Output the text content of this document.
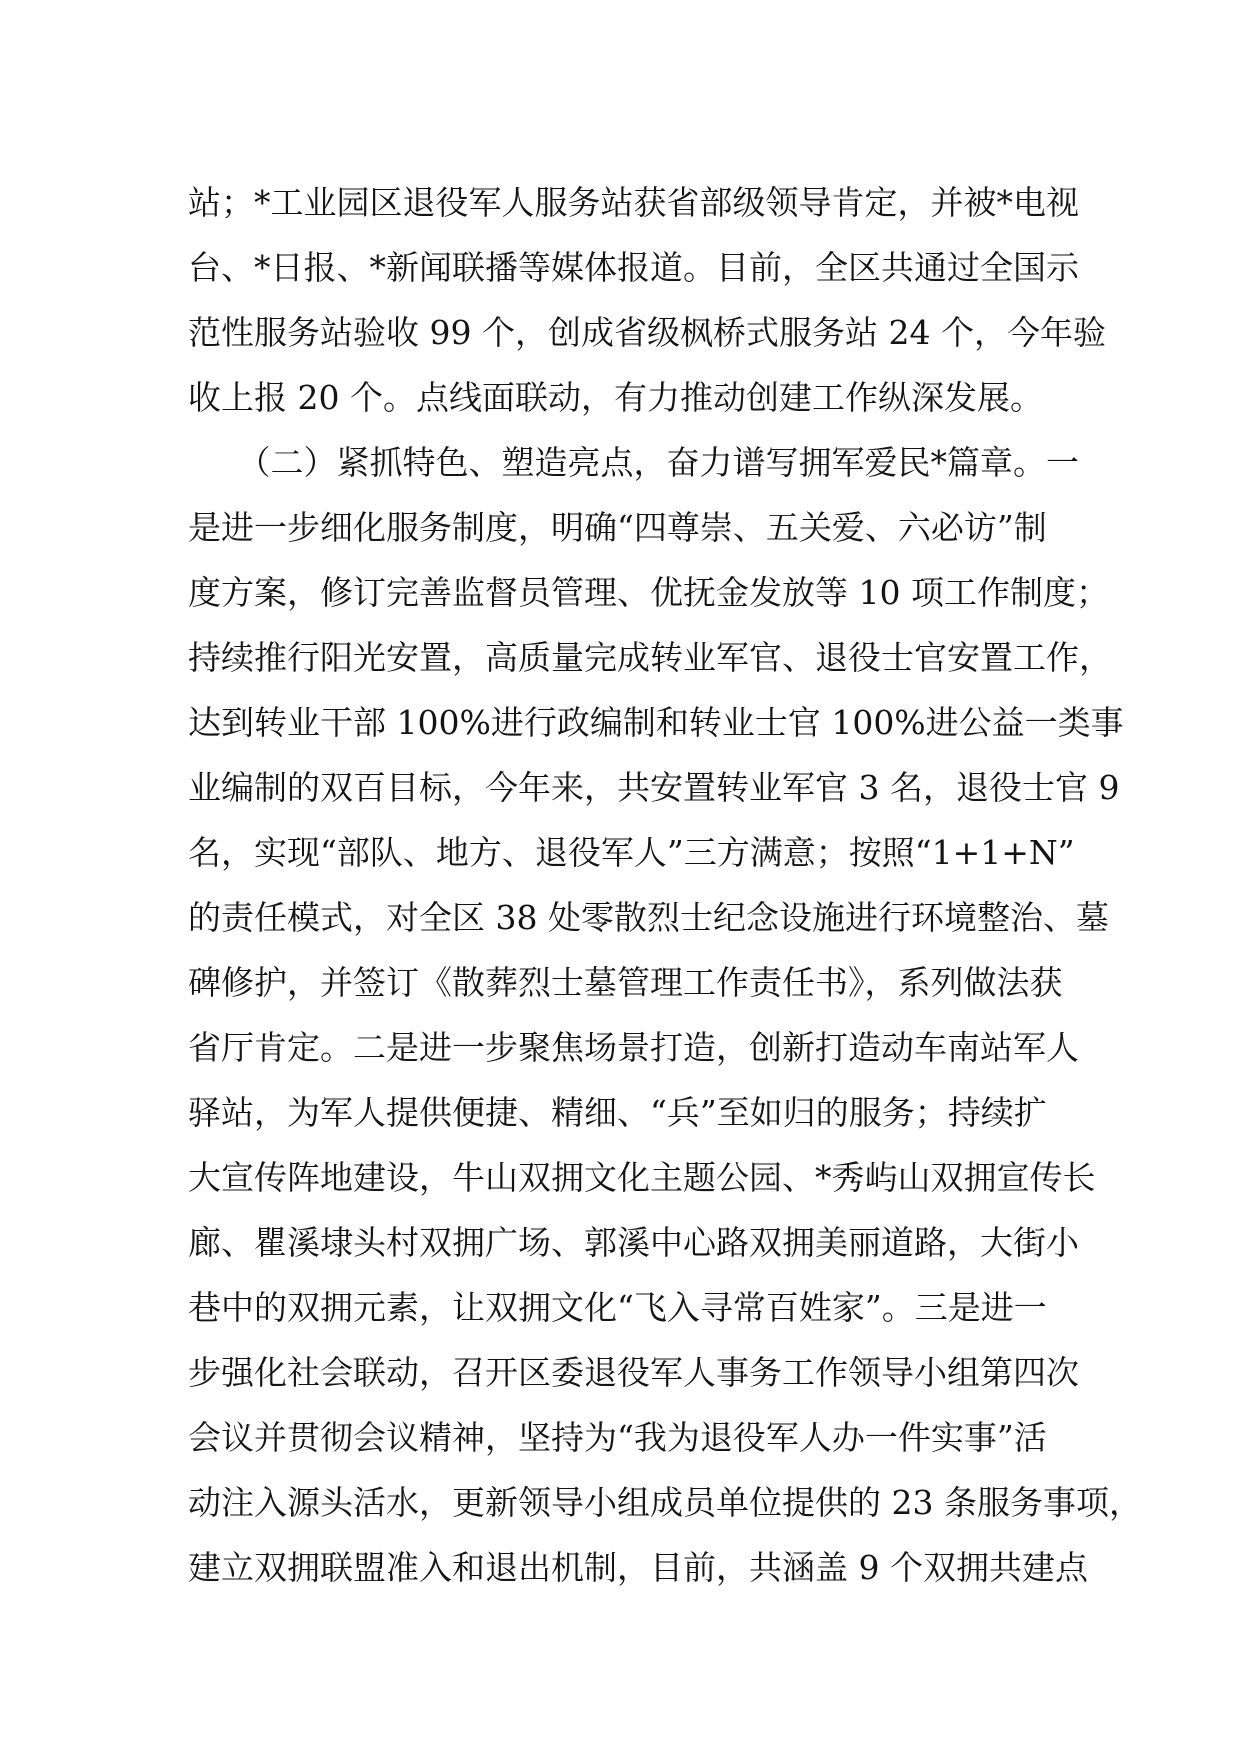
站；*工业园区退役军人服务站获省部级领导肯定，并被*电视
台、*日报、*新闻联播等媒体报道。目前，全区共通过全国示
范性服务站验收 99 个，创成省级枫桥式服务站 24 个，今年验
收上报 20 个。点线面联动，有力推动创建工作纵深发展。
　　（二）紧抓特色、塑造亮点，奋力谱写拥军爱民*篇章。一
是进一步细化服务制度，明确“四尊崇、五关爱、六必访”制
度方案，修订完善监督员管理、优抚金发放等 10 项工作制度；
持续推行阳光安置，高质量完成转业军官、退役士官安置工作，
达到转业干部 100%进行政编制和转业士官 100%进公益一类事
业编制的双百目标，今年来，共安置转业军官 3 名，退役士官 9
名，实现“部队、地方、退役军人”三方满意；按照“1+1+N”
的责任模式，对全区 38 处零散烈士纪念设施进行环境整治、墓
碑修护，并签订《散葬烈士墓管理工作责任书》，系列做法获
省厅肯定。二是进一步聚焦场景打造，创新打造动车南站军人
驿站，为军人提供便捷、精细、“兵”至如归的服务；持续扩
大宣传阵地建设，牛山双拥文化主题公园、*秀屿山双拥宣传长
廊、瞿溪埭头村双拥广场、郭溪中心路双拥美丽道路，大街小
巷中的双拥元素，让双拥文化“飞入寻常百姓家”。三是进一
步强化社会联动，召开区委退役军人事务工作领导小组第四次
会议并贯彻会议精神，坚持为“我为退役军人办一件实事”活
动注入源头活水，更新领导小组成员单位提供的 23 条服务事项，
建立双拥联盟准入和退出机制，目前，共涵盖 9 个双拥共建点
